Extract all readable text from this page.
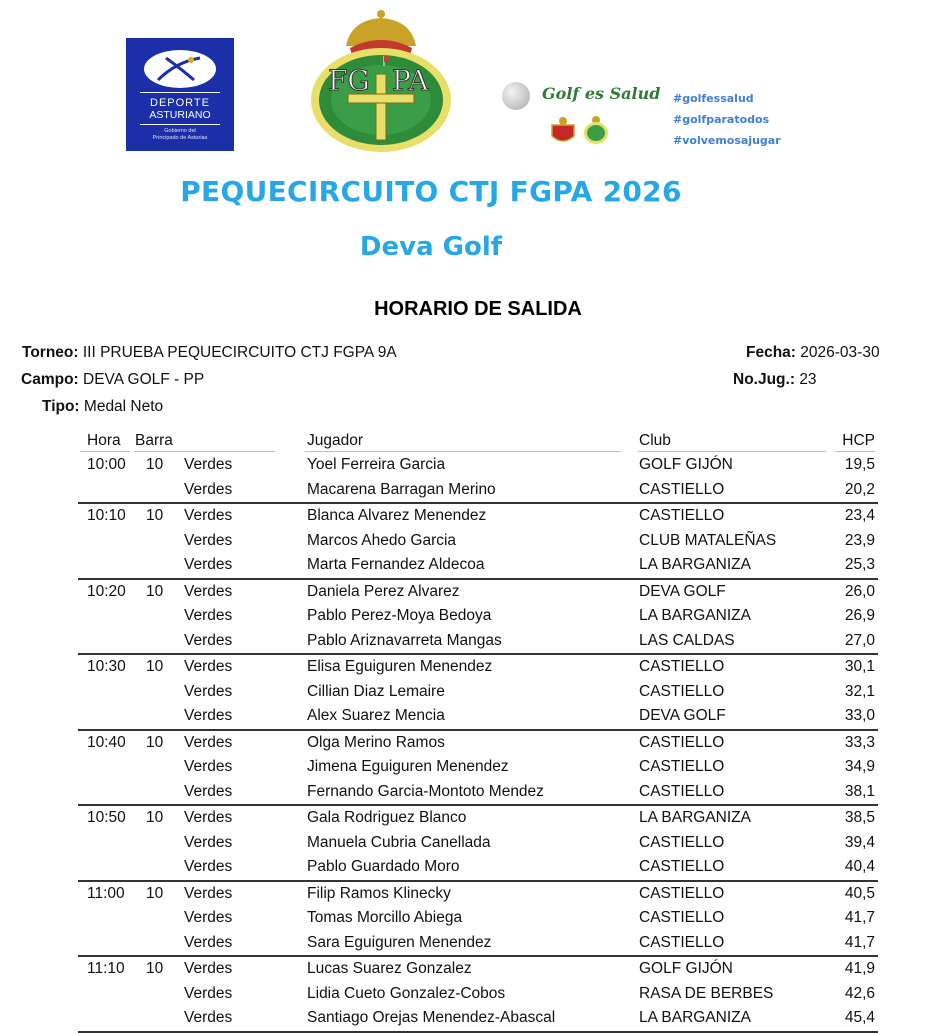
DEPORTE
ASTURIANO
Gobierno del
Principado de Asturias
FG PA	Golf es Salud #golfessalud
#golfparatodos
#volvemosajugar
PEQUECIRCUITO CTJ FGPA 2026
Deva Golf
HORARIO DE SALIDA
Torneo: III PRUEBA PEQUECIRCUITO CTJ FGPA 9A
Campo: DEVA GOLF - PP
Tipo: Medal Neto
Fecha: 2026-03-30
No.Jug.: 23
Hora Barra	Jugador	Club	HCP
10:00 10 Verdes	Yoel Ferreira Garcia	GOLF GIJÓN	19,5
Verdes	Macarena Barragan Merino	CASTIELLO	20,2
10:10 10 Verdes	Blanca Alvarez Menendez	CASTIELLO	23,4
Verdes	Marcos Ahedo Garcia	CLUB MATALEÑAS	23,9
Verdes	Marta Fernandez Aldecoa	LA BARGANIZA	25,3
10:20 10 Verdes	Daniela Perez Alvarez	DEVA GOLF	26,0
Verdes	Pablo Perez-Moya Bedoya	LA BARGANIZA	26,9
Verdes	Pablo Ariznavarreta Mangas	LAS CALDAS	27,0
10:30 10 Verdes	Elisa Eguiguren Menendez	CASTIELLO	30,1
Verdes	Cillian Diaz Lemaire	CASTIELLO	32,1
Verdes	Alex Suarez Mencia	DEVA GOLF	33,0
10:40 10 Verdes	Olga Merino Ramos	CASTIELLO	33,3
Verdes	Jimena Eguiguren Menendez	CASTIELLO	34,9
Verdes	Fernando Garcia-Montoto Mendez	CASTIELLO	38,1
10:50 10 Verdes	Gala Rodriguez Blanco	LA BARGANIZA	38,5
Verdes	Manuela Cubria Canellada	CASTIELLO	39,4
Verdes	Pablo Guardado Moro	CASTIELLO	40,4
11:00 10 Verdes	Filip Ramos Klinecky	CASTIELLO	40,5
Verdes	Tomas Morcillo Abiega	CASTIELLO	41,7
Verdes	Sara Eguiguren Menendez	CASTIELLO	41,7
11:10 10 Verdes	Lucas Suarez Gonzalez	GOLF GIJÓN	41,9
Verdes	Lidia Cueto Gonzalez-Cobos	RASA DE BERBES	42,6
Verdes	Santiago Orejas Menendez-Abascal	LA BARGANIZA	45,4
